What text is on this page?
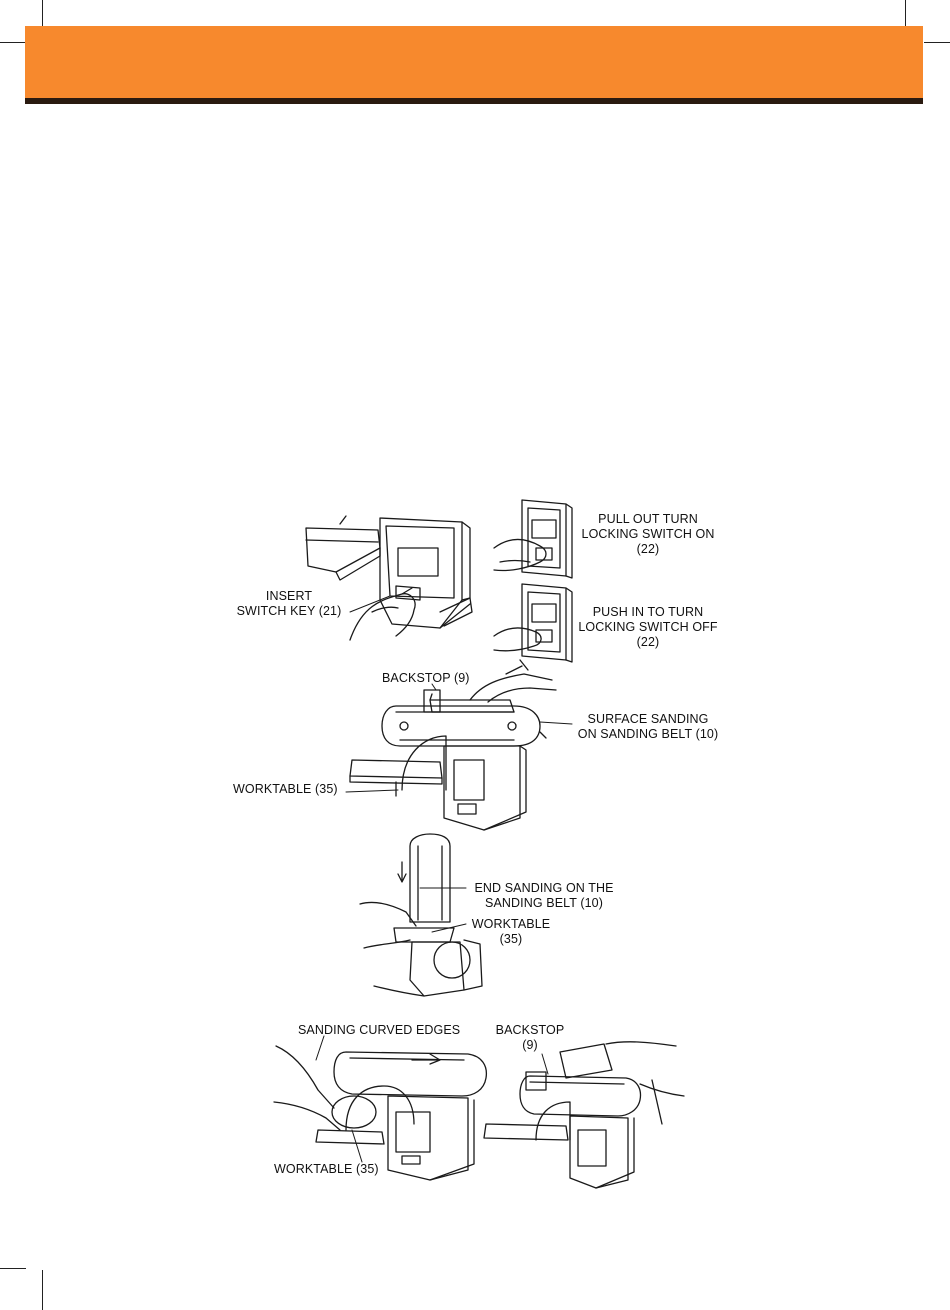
INSERT
SWITCH KEY (21)
PULL OUT TURN
LOCKING SWITCH ON
(22)
PUSH IN TO TURN
LOCKING SWITCH OFF
(22)
BACKSTOP (9)
SURFACE SANDING
ON SANDING BELT (10)
WORKTABLE (35)
END SANDING ON THE
SANDING BELT (10)
WORKTABLE
(35)
SANDING CURVED EDGES	BACKSTOP
(9)
WORKTABLE (35)
